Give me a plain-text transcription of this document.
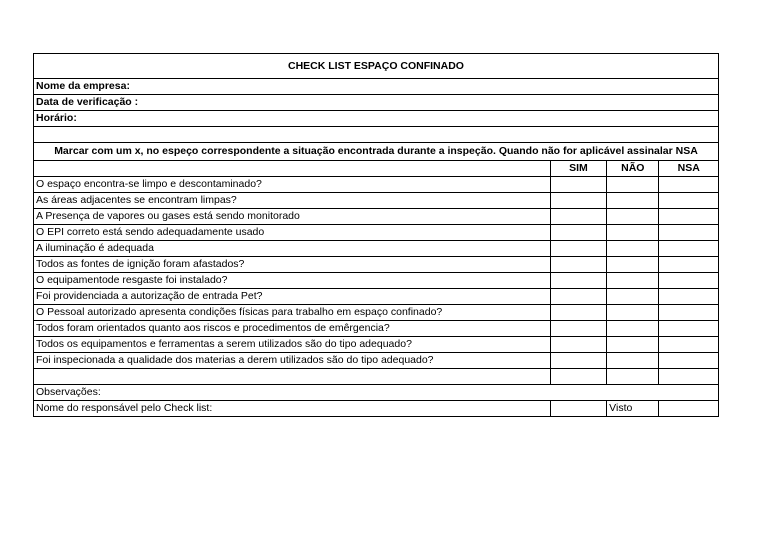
CHECK LIST ESPAÇO CONFINADO			
Nome da empresa:			
Data de verificação :			
Horário:			

Marcar com um x, no espeço correspondente a situação encontrada durante a inspeção. Quando não for aplicável assinalar NSA			
	SIM	NÃO	NSA
O espaço encontra-se limpo e descontaminado?			
As áreas adjacentes se encontram limpas?			
A Presença de vapores ou gases está sendo monitorado			
O EPI correto está sendo adequadamente usado			
A iluminação é adequada			
Todos as fontes de ignição foram afastados?			
O equipamentode resgaste foi instalado?			
Foi providenciada a autorização de entrada Pet?			
O Pessoal autorizado apresenta condições físicas para trabalho em espaço confinado?			
Todos foram orientados quanto aos riscos e procedimentos de emêrgencia?			
Todos os equipamentos e ferramentas a serem utilizados são do tipo adequado?			
Foi inspecionada a qualidade dos materias a derem utilizados são do tipo adequado?			

Observações:			
Nome do responsável pelo Check list:		Visto	
